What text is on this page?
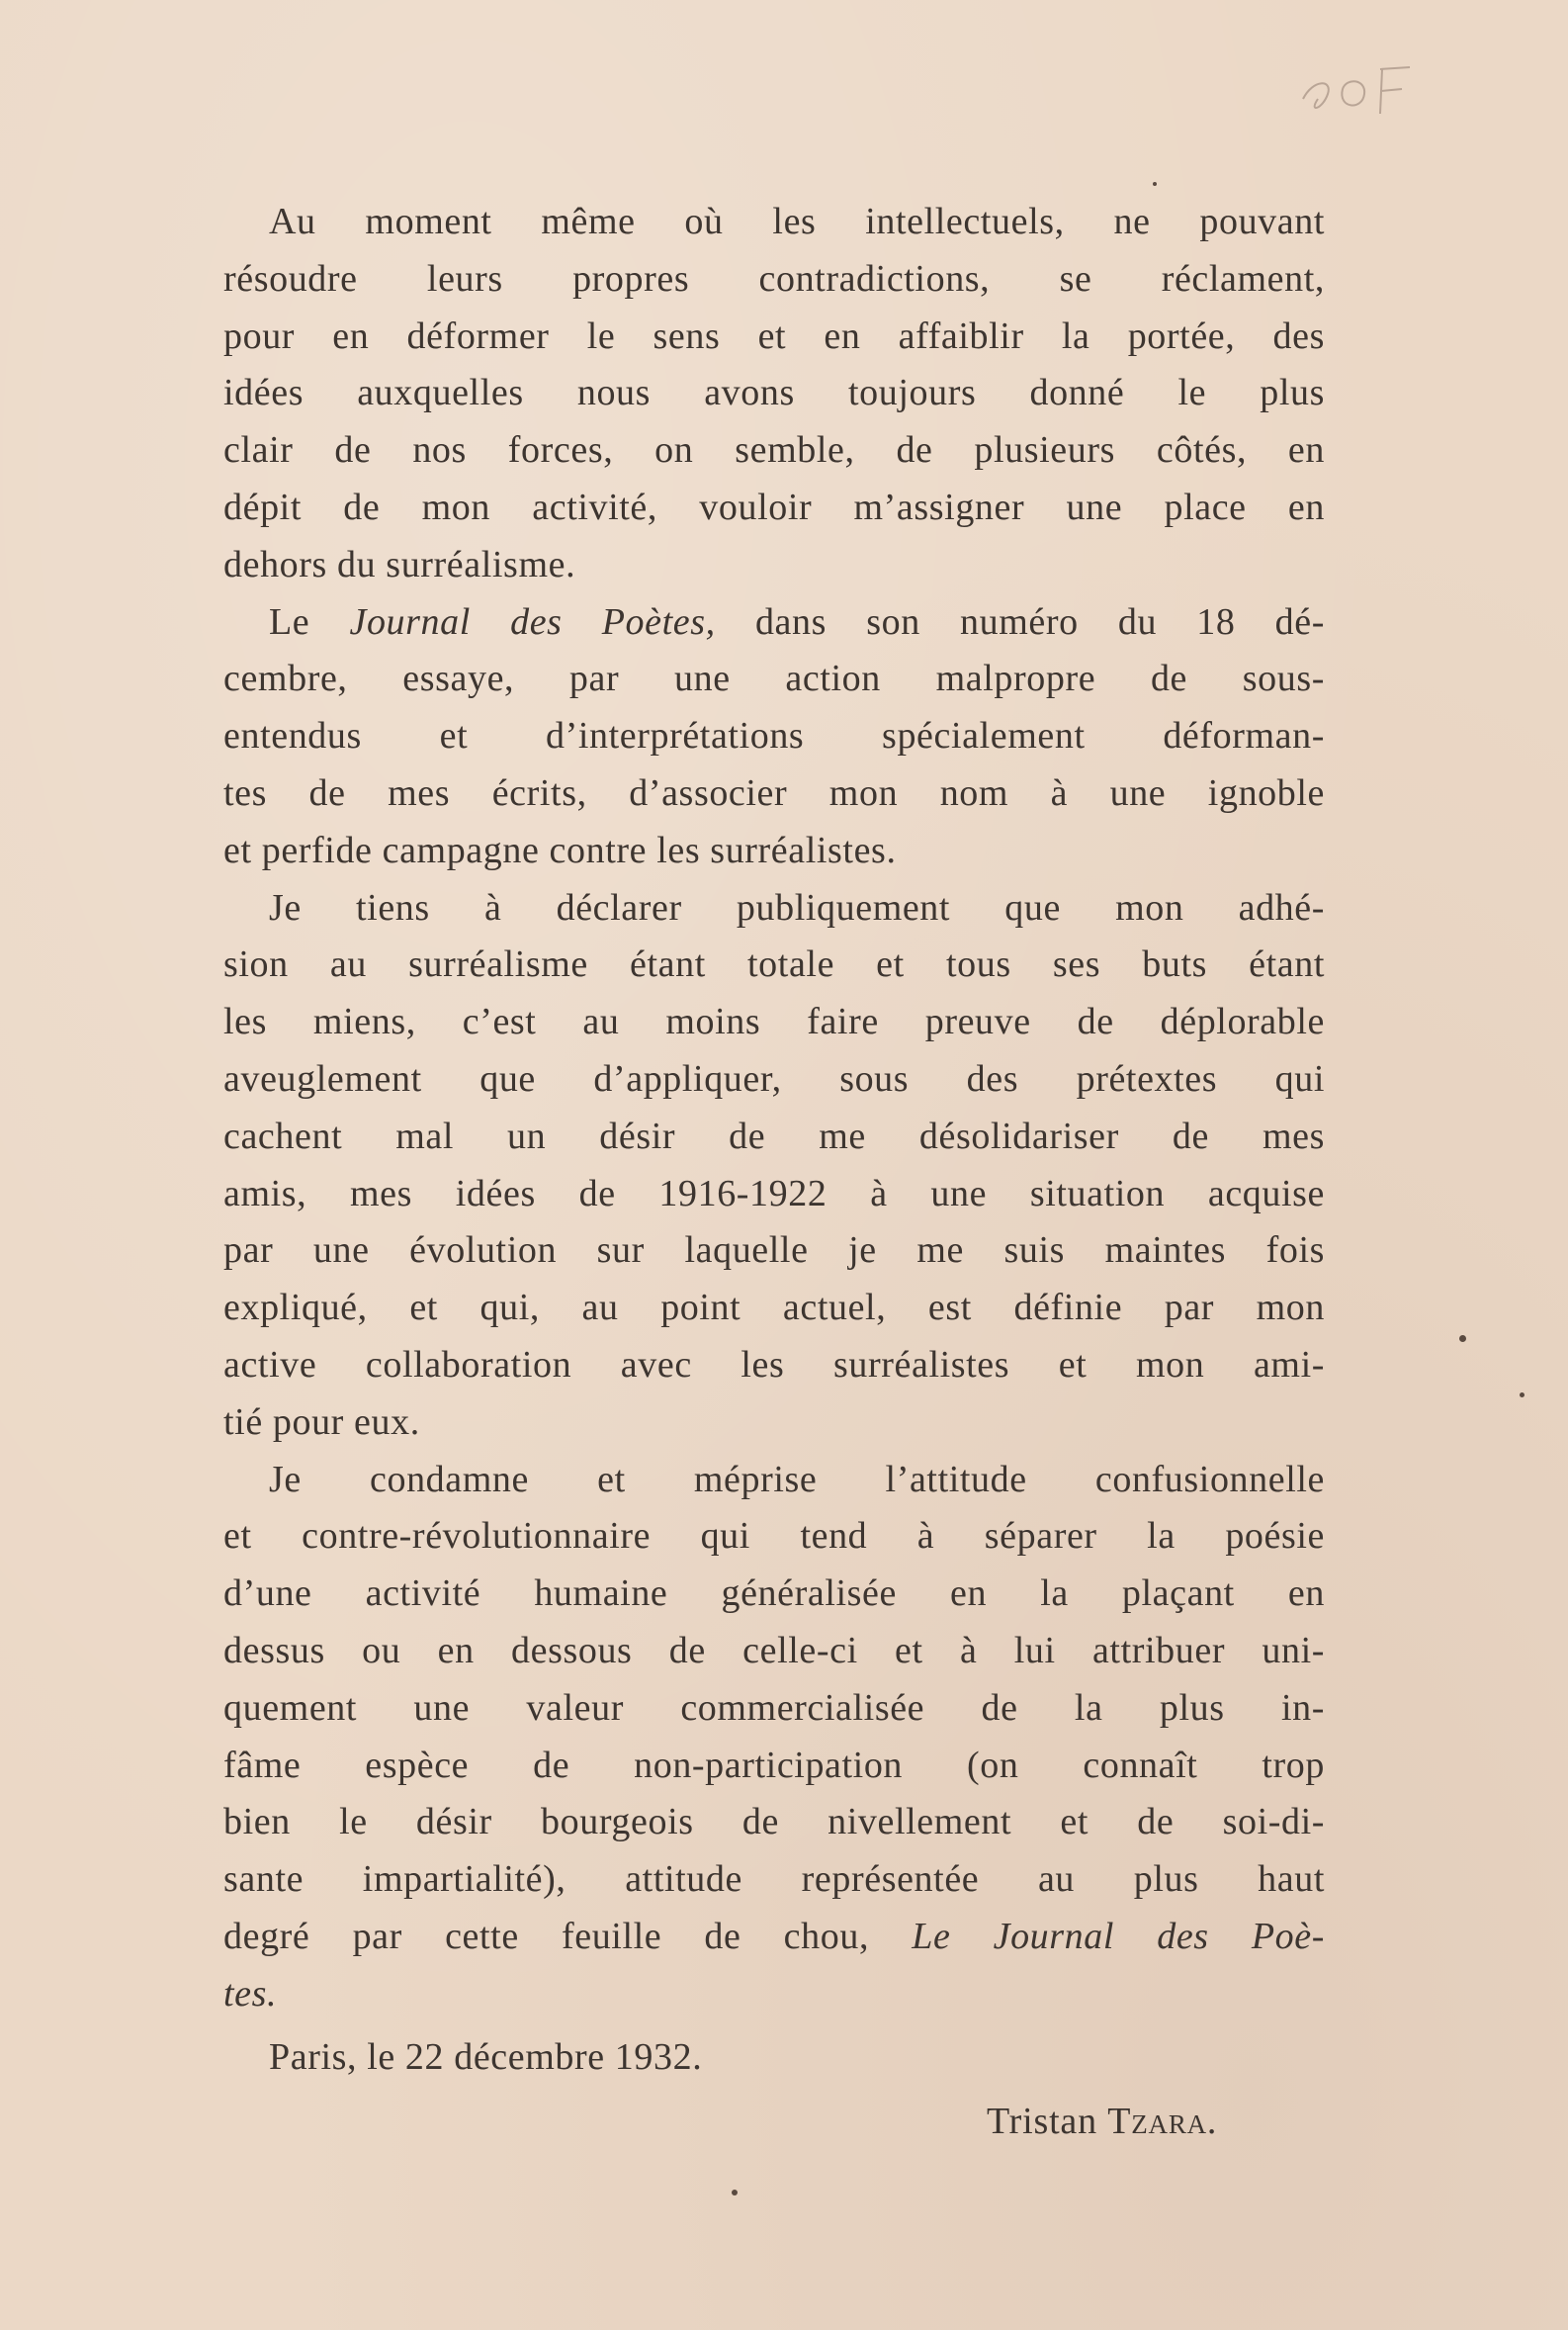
Au moment même où les intellectuels, ne pouvant
résoudre leurs propres contradictions, se réclament,
pour en déformer le sens et en affaiblir la portée, des
idées auxquelles nous avons toujours donné le plus
clair de nos forces, on semble, de plusieurs côtés, en
dépit de mon activité, vouloir m’assigner une place en
dehors du surréalisme.
Le Journal des Poètes, dans son numéro du 18 dé-
cembre, essaye, par une action malpropre de sous-
entendus et d’interprétations spécialement déforman-
tes de mes écrits, d’associer mon nom à une ignoble
et perfide campagne contre les surréalistes.
Je tiens à déclarer publiquement que mon adhé-
sion au surréalisme étant totale et tous ses buts étant
les miens, c’est au moins faire preuve de déplorable
aveuglement que d’appliquer, sous des prétextes qui
cachent mal un désir de me désolidariser de mes
amis, mes idées de 1916-1922 à une situation acquise
par une évolution sur laquelle je me suis maintes fois
expliqué, et qui, au point actuel, est définie par mon
active collaboration avec les surréalistes et mon ami-
tié pour eux.
Je condamne et méprise l’attitude confusionnelle
et contre-révolutionnaire qui tend à séparer la poésie
d’une activité humaine généralisée en la plaçant en
dessus ou en dessous de celle-ci et à lui attribuer uni-
quement une valeur commercialisée de la plus in-
fâme espèce de non-participation (on connaît trop
bien le désir bourgeois de nivellement et de soi-di-
sante impartialité), attitude représentée au plus haut
degré par cette feuille de chou, Le Journal des Poè-
tes.
Paris, le 22 décembre 1932.
Tristan Tzara.
